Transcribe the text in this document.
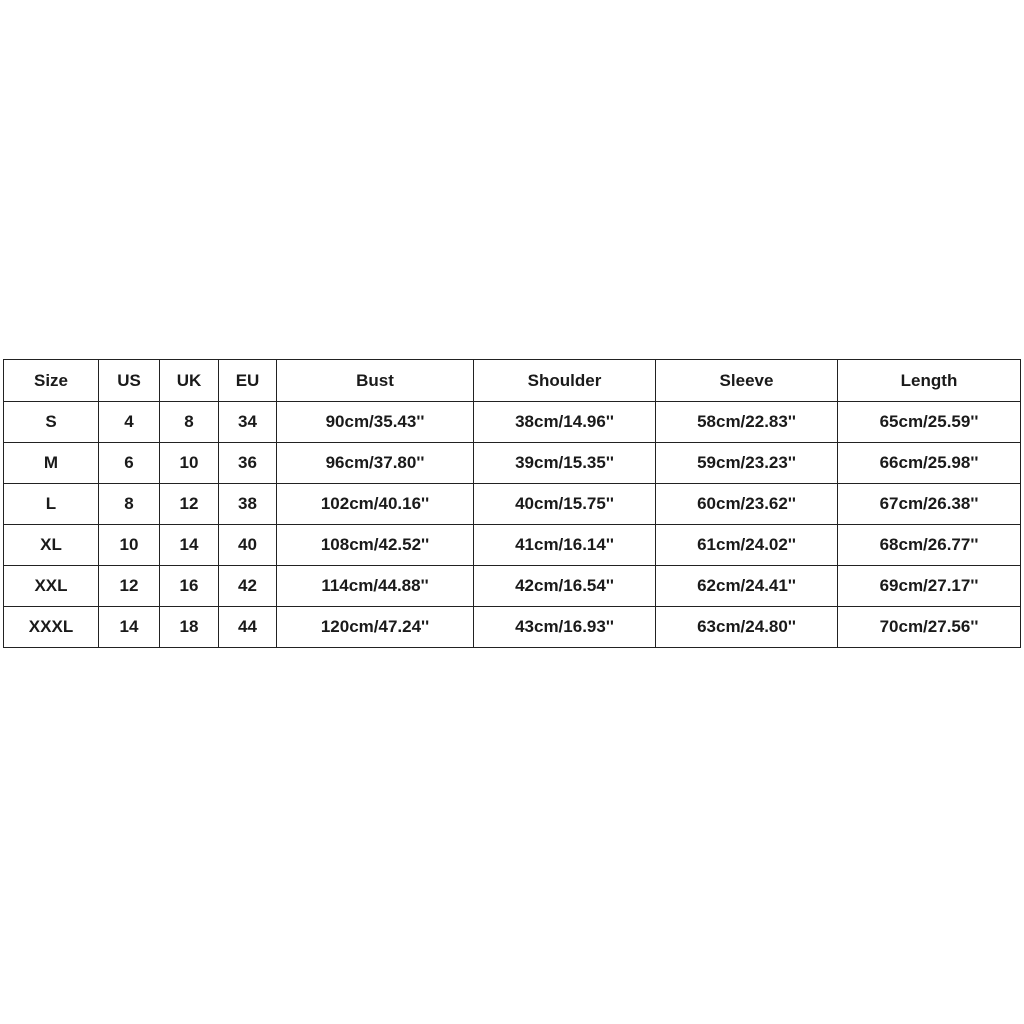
Size	US	UK	EU	Bust	Shoulder	Sleeve	Length
S	4	8	34	90cm/35.43''	38cm/14.96''	58cm/22.83''	65cm/25.59''
M	6	10	36	96cm/37.80''	39cm/15.35''	59cm/23.23''	66cm/25.98''
L	8	12	38	102cm/40.16''	40cm/15.75''	60cm/23.62''	67cm/26.38''
XL	10	14	40	108cm/42.52''	41cm/16.14''	61cm/24.02''	68cm/26.77''
XXL	12	16	42	114cm/44.88''	42cm/16.54''	62cm/24.41''	69cm/27.17''
XXXL	14	18	44	120cm/47.24''	43cm/16.93''	63cm/24.80''	70cm/27.56''
